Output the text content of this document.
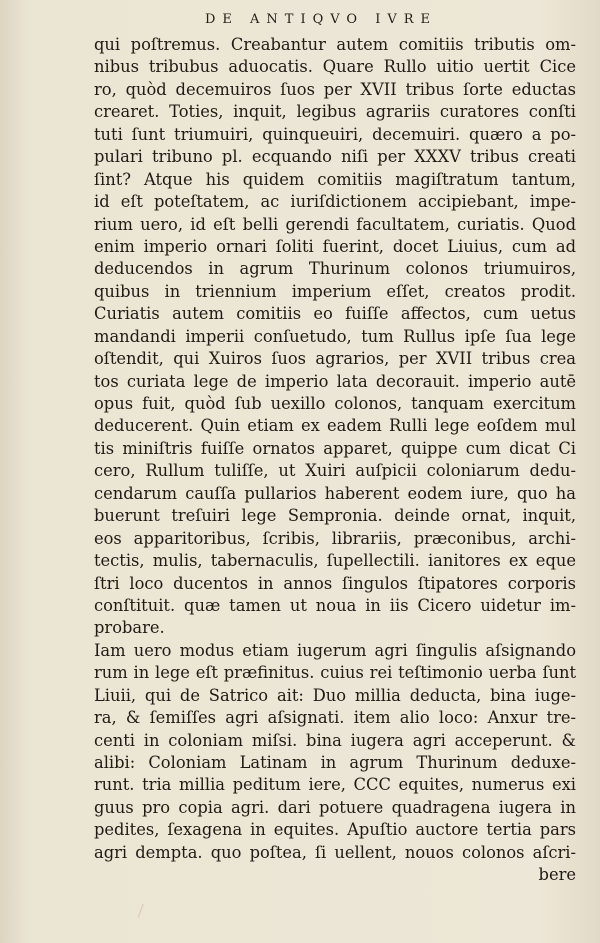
DE ANTIQVO IVRE
qui poſtremus. Creabantur autem comitiis tributis om-
nibus tribubus aduocatis. Quare Rullo uitio uertit Cice
ro, quòd decemuiros ſuos per XVII tribus ſorte eductas
crearet. Toties, inquit, legibus agrariis curatores conſti
tuti ſunt triumuiri, quinqueuiri, decemuiri. quæro a po-
pulari tribuno pl. ecquando niſi per XXXV tribus creati
ſint? Atque his quidem comitiis magiſtratum tantum,
id eſt poteſtatem, ac iuriſdictionem accipiebant, impe-
rium uero, id eſt belli gerendi facultatem, curiatis. Quod
enim imperio ornari ſoliti fuerint, docet Liuius, cum ad
deducendos in agrum Thurinum colonos triumuiros,
quibus in triennium imperium eſſet, creatos prodit.
Curiatis autem comitiis eo fuiſſe affectos, cum uetus
mandandi imperii conſuetudo, tum Rullus ipſe ſua lege
oſtendit, qui Xuiros ſuos agrarios, per XVII tribus crea
tos curiata lege de imperio lata decorauit. imperio autē
opus fuit, quòd ſub uexillo colonos, tanquam exercitum
deducerent. Quin etiam ex eadem Rulli lege eoſdem mul
tis miniſtris fuiſſe ornatos apparet, quippe cum dicat Ci
cero, Rullum tuliſſe, ut Xuiri auſpicii coloniarum dedu-
cendarum cauſſa pullarios haberent eodem iure, quo ha
buerunt treſuiri lege Sempronia. deinde ornat, inquit,
eos apparitoribus, ſcribis, librariis, præconibus, archi-
tectis, mulis, tabernaculis, ſupellectili. ianitores ex eque
ſtri loco ducentos in annos ſingulos ſtipatores corporis
conſtituit. quæ tamen ut noua in iis Cicero uidetur im-
probare.
Iam uero modus etiam iugerum agri ſingulis aſsignando
rum in lege eſt præfinitus. cuius rei teſtimonio uerba ſunt
Liuii, qui de Satrico ait: Duo millia deducta, bina iuge-
ra, & ſemiſſes agri aſsignati. item alio loco: Anxur tre-
centi in coloniam miſsi. bina iugera agri acceperunt. &
alibi: Coloniam Latinam in agrum Thurinum deduxe-
runt. tria millia peditum iere, CCC equites, numerus exi
guus pro copia agri. dari potuere quadragena iugera in
pedites, ſexagena in equites. Apuſtio auctore tertia pars
agri dempta. quo poſtea, ſi uellent, nouos colonos aſcri-
bere
